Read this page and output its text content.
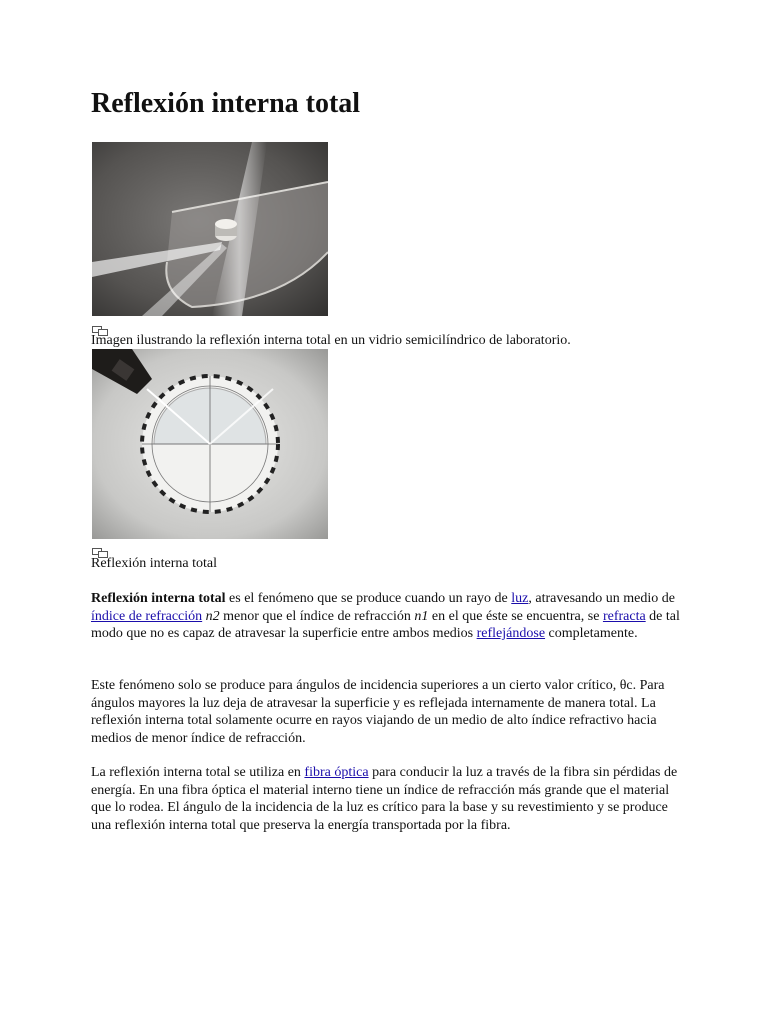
Reflexión interna total
Imagen ilustrando la reflexión interna total en un vidrio semicilíndrico de laboratorio.
Reflexión interna total

Reflexión interna total es el fenómeno que se produce cuando un rayo de luz, atravesando un medio de índice de refracción n2 menor que el índice de refracción n1 en el que éste se encuentra, se refracta de tal modo que no es capaz de atravesar la superficie entre ambos medios reflejándose completamente.

Este fenómeno solo se produce para ángulos de incidencia superiores a un cierto valor crítico, θc. Para ángulos mayores la luz deja de atravesar la superficie y es reflejada internamente de manera total. La reflexión interna total solamente ocurre en rayos viajando de un medio de alto índice refractivo hacia medios de menor índice de refracción.

La reflexión interna total se utiliza en fibra óptica para conducir la luz a través de la fibra sin pérdidas de energía. En una fibra óptica el material interno tiene un índice de refracción más grande que el material que lo rodea. El ángulo de la incidencia de la luz es crítico para la base y su revestimiento y se produce una reflexión interna total que preserva la energía transportada por la fibra.
